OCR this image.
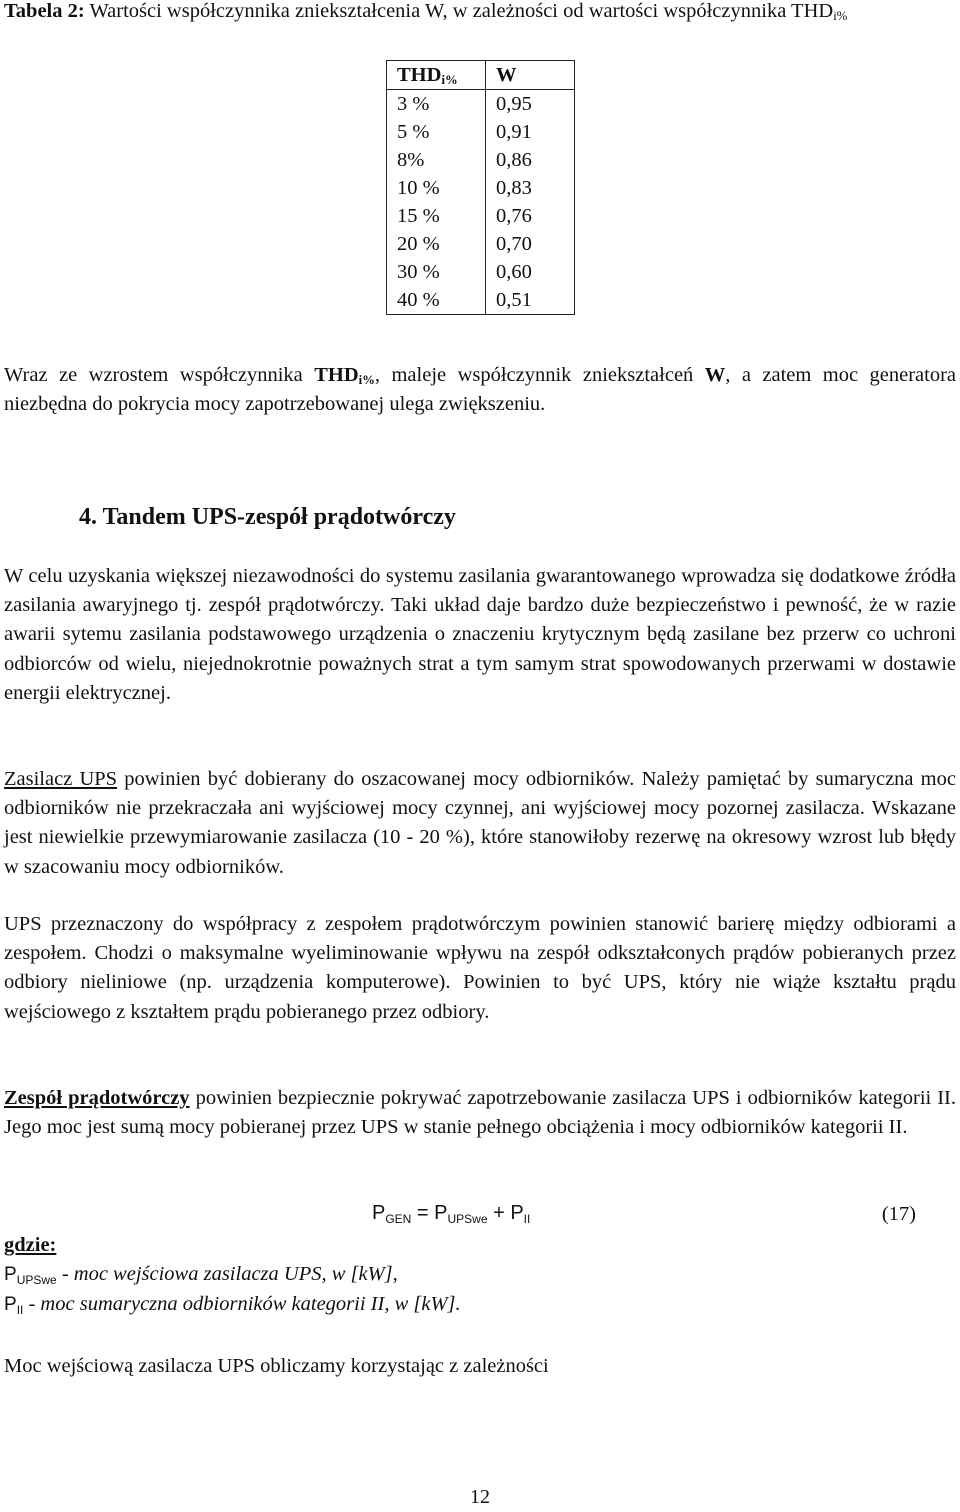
Tabela 2: Wartości współczynnika zniekształcenia W, w zależności od wartości współczynnika $THD_{i\%}$
$THD_{i\%}$	W
3 %	0,95
5 %	0,91
8%	0,86
10 %	0,83
15 %	0,76
20 %	0,70
30 %	0,60
40 %	0,51
Wraz ze wzrostem współczynnika $THD_{i\%}$, maleje współczynnik zniekształceń W, a zatem moc generatora niezbędna do pokrycia mocy zapotrzebowanej ulega zwiększeniu.
4. Tandem UPS-zespół prądotwórczy
W celu uzyskania większej niezawodności do systemu zasilania gwarantowanego wprowadza się dodatkowe źródła zasilania awaryjnego tj. zespół prądotwórczy. Taki układ daje bardzo duże bezpieczeństwo i pewność, że w razie awarii sytemu zasilania podstawowego urządzenia o znaczeniu krytycznym będą zasilane bez przerw co uchroni odbiorców od wielu, niejednokrotnie poważnych strat a tym samym strat spowodowanych przerwami w dostawie energii elektrycznej.
Zasilacz UPS powinien być dobierany do oszacowanej mocy odbiorników. Należy pamiętać by sumaryczna moc odbiorników nie przekraczała ani wyjściowej mocy czynnej, ani wyjściowej mocy pozornej zasilacza. Wskazane jest niewielkie przewymiarowanie zasilacza (10 - 20 %), które stanowiłoby rezerwę na okresowy wzrost lub błędy w szacowaniu mocy odbiorników.
UPS przeznaczony do współpracy z zespołem prądotwórczym powinien stanowić barierę między odbiorami a zespołem. Chodzi o maksymalne wyeliminowanie wpływu na zespół odkształconych prądów pobieranych przez odbiory nieliniowe (np. urządzenia komputerowe). Powinien to być UPS, który nie wiąże kształtu prądu wejściowego z kształtem prądu pobieranego przez odbiory.
Zespół prądotwórczy powinien bezpiecznie pokrywać zapotrzebowanie zasilacza UPS i odbiorników kategorii II. Jego moc jest sumą mocy pobieranej przez UPS w stanie pełnego obciążenia i mocy odbiorników kategorii II.
$P_{GEN} = P_{UPSwe} + P_{II}$	(17)
gdzie:
$P_{UPSwe}$ - moc wejściowa zasilacza UPS, w [kW],
$P_{II}$ - moc sumaryczna odbiorników kategorii II, w [kW].
Moc wejściową zasilacza UPS obliczamy korzystając z zależności
12
